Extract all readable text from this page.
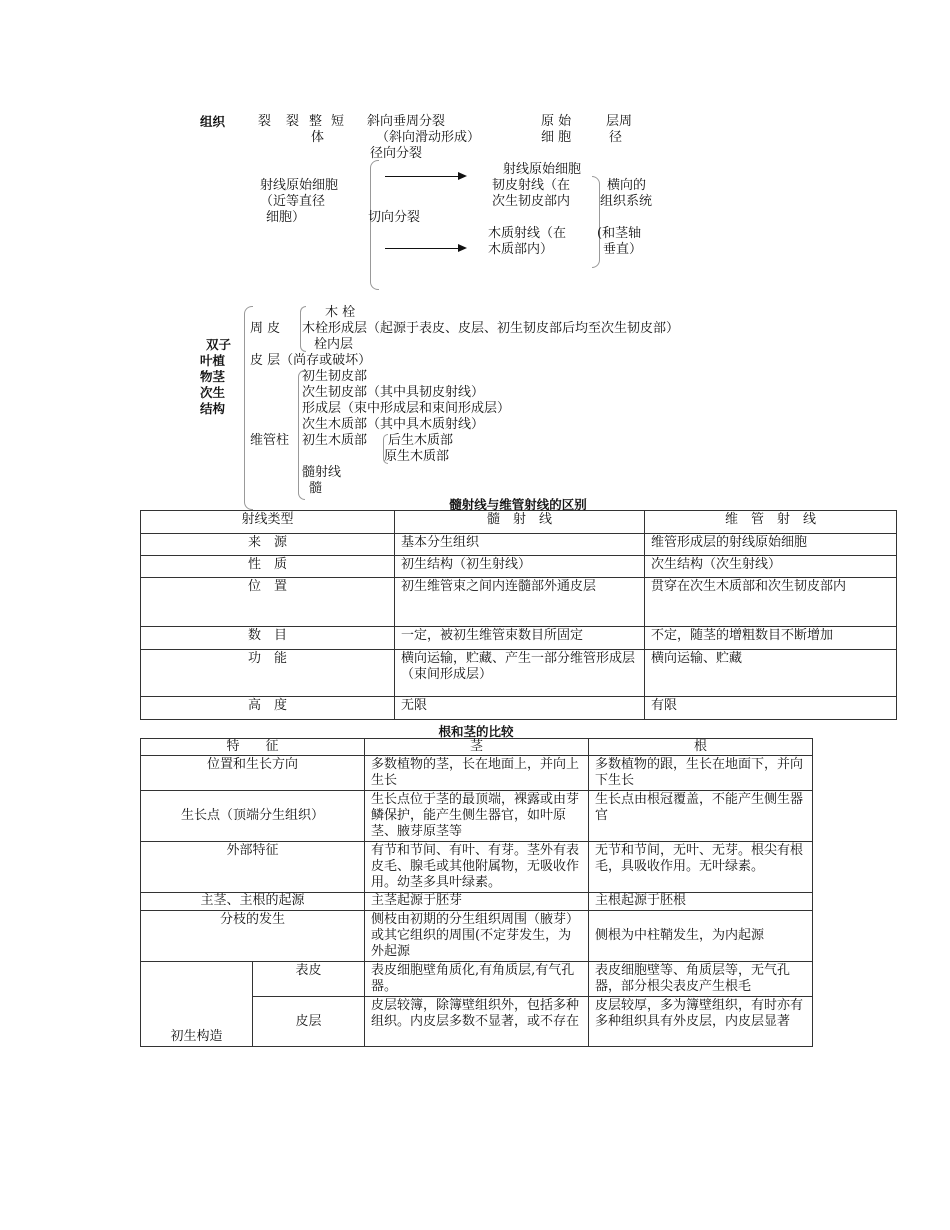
组织	裂 裂 整
体
短 斜向垂周分裂
（斜向滑动形成）
径向分裂
原 始
细 胞
层周
径
射线原始细胞
（近等直径
细胞）	切向分裂
射线原始细胞
韧皮射线（在
次生韧皮部内
木质射线（在
木质部内）
横向的
组织系统
(和茎轴
垂直）
双子
叶植
物茎
次生
结构
周 皮
木 栓
木栓形成层（起源于表皮、皮层、初生韧皮部后均至次生韧皮部）
栓内层
皮 层（尚存或破坏）
初生韧皮部
次生韧皮部（其中具韧皮射线）
形成层（束中形成层和束间形成层）
次生木质部（其中具木质射线）
维管柱 初生木质部 后生木质部
原生木质部
髓射线
髓
髓射线与维管射线的区别
射线类型	髓　射　线	维　管　射　线
来　源	基本分生组织	维管形成层的射线原始细胞
性　质	初生结构（初生射线）	次生结构（次生射线）
位　置	初生维管束之间内连髓部外通皮层	贯穿在次生木质部和次生韧皮部内
数　目	一定，被初生维管束数目所固定	不定，随茎的增粗数目不断增加
功　能	横向运输，贮藏、产生一部分维管形成层（束间形成层）	横向运输、贮藏
高　度	无限	有限
根和茎的比较
特　　征		茎	根
位置和生长方向		多数植物的茎，长在地面上，并向上生长	多数植物的跟，生长在地面下，并向下生长
生长点（顶端分生组织）		生长点位于茎的最顶端，裸露或由芽鳞保护，能产生侧生器官，如叶原茎、腋芽原茎等	生长点由根冠覆盖，不能产生侧生器官
外部特征		有节和节间、有叶、有芽。茎外有表皮毛、腺毛或其他附属物，无吸收作用。幼茎多具叶绿素。	无节和节间，无叶、无芽。根尖有根毛，具吸收作用。无叶绿素。
主茎、主根的起源		主茎起源于胚芽	主根起源于胚根
分枝的发生		侧枝由初期的分生组织周围（腋芽）或其它组织的周围(不定芽发生，为外起源	侧根为中柱鞘发生，为内起源
初生构造	表皮	表皮细胞壁角质化,有角质层,有气孔器。	表皮细胞壁等、角质层等，无气孔器，部分根尖表皮产生根毛
	皮层	皮层较簿，除簿壁组织外，包括多种组织。内皮层多数不显著，或不存在	皮层较厚，多为簿壁组织，有时亦有多种组织具有外皮层，内皮层显著
